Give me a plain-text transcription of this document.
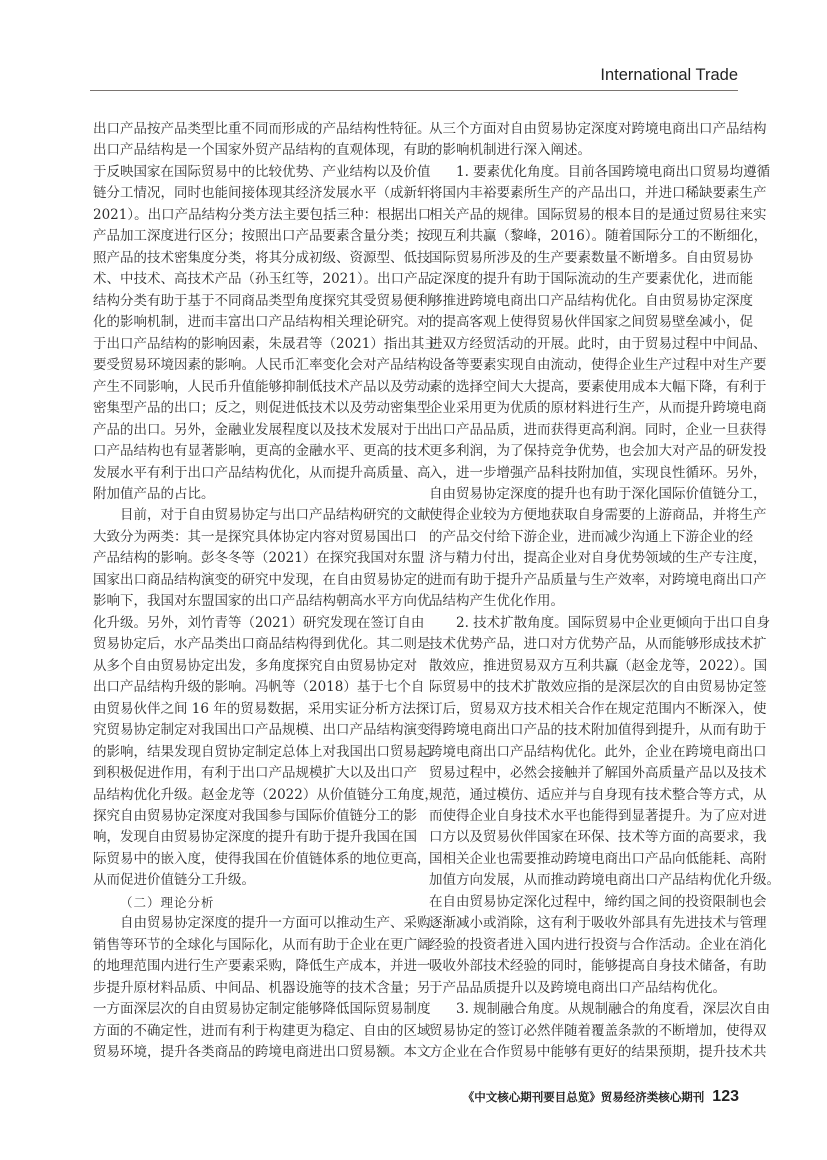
International Trade
出口产品按产品类型比重不同而形成的产品结构性特征。
出口产品结构是一个国家外贸产品结构的直观体现，有助
于反映国家在国际贸易中的比较优势、产业结构以及价值
链分工情况，同时也能间接体现其经济发展水平（成新轩，
2021）。出口产品结构分类方法主要包括三种：根据出口
产品加工深度进行区分；按照出口产品要素含量分类；按
照产品的技术密集度分类，将其分成初级、资源型、低技
术、中技术、高技术产品（孙玉红等，2021）。出口产品
结构分类有助于基于不同商品类型角度探究其受贸易便利
化的影响机制，进而丰富出口产品结构相关理论研究。对
于出口产品结构的影响因素，朱晟君等（2021）指出其主
要受贸易环境因素的影响。人民币汇率变化会对产品结构
产生不同影响，人民币升值能够抑制低技术产品以及劳动
密集型产品的出口；反之，则促进低技术以及劳动密集型
产品的出口。另外，金融业发展程度以及技术发展对于出
口产品结构也有显著影响，更高的金融水平、更高的技术
发展水平有利于出口产品结构优化，从而提升高质量、高
附加值产品的占比。
目前，对于自由贸易协定与出口产品结构研究的文献
大致分为两类：其一是探究具体协定内容对贸易国出口
产品结构的影响。彭冬冬等（2021）在探究我国对东盟
国家出口商品结构演变的研究中发现，在自由贸易协定的
影响下，我国对东盟国家的出口产品结构朝高水平方向优
化升级。另外，刘竹青等（2021）研究发现在签订自由
贸易协定后，水产品类出口商品结构得到优化。其二则是
从多个自由贸易协定出发，多角度探究自由贸易协定对
出口产品结构升级的影响。冯帆等（2018）基于七个自
由贸易伙伴之间 16 年的贸易数据，采用实证分析方法探
究贸易协定制定对我国出口产品规模、出口产品结构演变
的影响，结果发现自贸协定制定总体上对我国出口贸易起
到积极促进作用，有利于出口产品规模扩大以及出口产
品结构优化升级。赵金龙等（2022）从价值链分工角度，
探究自由贸易协定深度对我国参与国际价值链分工的影
响，发现自由贸易协定深度的提升有助于提升我国在国
际贸易中的嵌入度，使得我国在价值链体系的地位更高，
从而促进价值链分工升级。
（二）理论分析
自由贸易协定深度的提升一方面可以推动生产、采购、
销售等环节的全球化与国际化，从而有助于企业在更广阔
的地理范围内进行生产要素采购，降低生产成本，并进一
步提升原材料品质、中间品、机器设施等的技术含量；另
一方面深层次的自由贸易协定制定能够降低国际贸易制度
方面的不确定性，进而有利于构建更为稳定、自由的区域
贸易环境，提升各类商品的跨境电商进出口贸易额。本文
从三个方面对自由贸易协定深度对跨境电商出口产品结构
的影响机制进行深入阐述。
1. 要素优化角度。目前各国跨境电商出口贸易均遵循
将国内丰裕要素所生产的产品出口，并进口稀缺要素生产
相关产品的规律。国际贸易的根本目的是通过贸易往来实
现互利共赢（黎峰，2016）。随着国际分工的不断细化，
国际贸易所涉及的生产要素数量不断增多。自由贸易协
定深度的提升有助于国际流动的生产要素优化，进而能
够推进跨境电商出口产品结构优化。自由贸易协定深度
的提高客观上使得贸易伙伴国家之间贸易壁垒减小，促
进双方经贸活动的开展。此时，由于贸易过程中中间品、
设备等要素实现自由流动，使得企业生产过程中对生产要
素的选择空间大大提高，要素使用成本大幅下降，有利于
企业采用更为优质的原材料进行生产，从而提升跨境电商
出口产品品质，进而获得更高利润。同时，企业一旦获得
更多利润，为了保持竞争优势，也会加大对产品的研发投
入，进一步增强产品科技附加值，实现良性循环。另外，
自由贸易协定深度的提升也有助于深化国际价值链分工，
使得企业较为方便地获取自身需要的上游商品，并将生产
的产品交付给下游企业，进而减少沟通上下游企业的经
济与精力付出，提高企业对自身优势领域的生产专注度，
进而有助于提升产品质量与生产效率，对跨境电商出口产
品结构产生优化作用。
2. 技术扩散角度。国际贸易中企业更倾向于出口自身
技术优势产品，进口对方优势产品，从而能够形成技术扩
散效应，推进贸易双方互利共赢（赵金龙等，2022）。国
际贸易中的技术扩散效应指的是深层次的自由贸易协定签
订后，贸易双方技术相关合作在规定范围内不断深入，使
得跨境电商出口产品的技术附加值得到提升，从而有助于
跨境电商出口产品结构优化。此外，企业在跨境电商出口
贸易过程中，必然会接触并了解国外高质量产品以及技术
规范，通过模仿、适应并与自身现有技术整合等方式，从
而使得企业自身技术水平也能得到显著提升。为了应对进
口方以及贸易伙伴国家在环保、技术等方面的高要求，我
国相关企业也需要推动跨境电商出口产品向低能耗、高附
加值方向发展，从而推动跨境电商出口产品结构优化升级。
在自由贸易协定深化过程中，缔约国之间的投资限制也会
逐渐减小或消除，这有利于吸收外部具有先进技术与管理
经验的投资者进入国内进行投资与合作活动。企业在消化
吸收外部技术经验的同时，能够提高自身技术储备，有助
于产品品质提升以及跨境电商出口产品结构优化。
3. 规制融合角度。从规制融合的角度看，深层次自由
贸易协定的签订必然伴随着覆盖条款的不断增加，使得双
方企业在合作贸易中能够有更好的结果预期，提升技术共
《中文核心期刊要目总览》贸易经济类核心期刊 123
